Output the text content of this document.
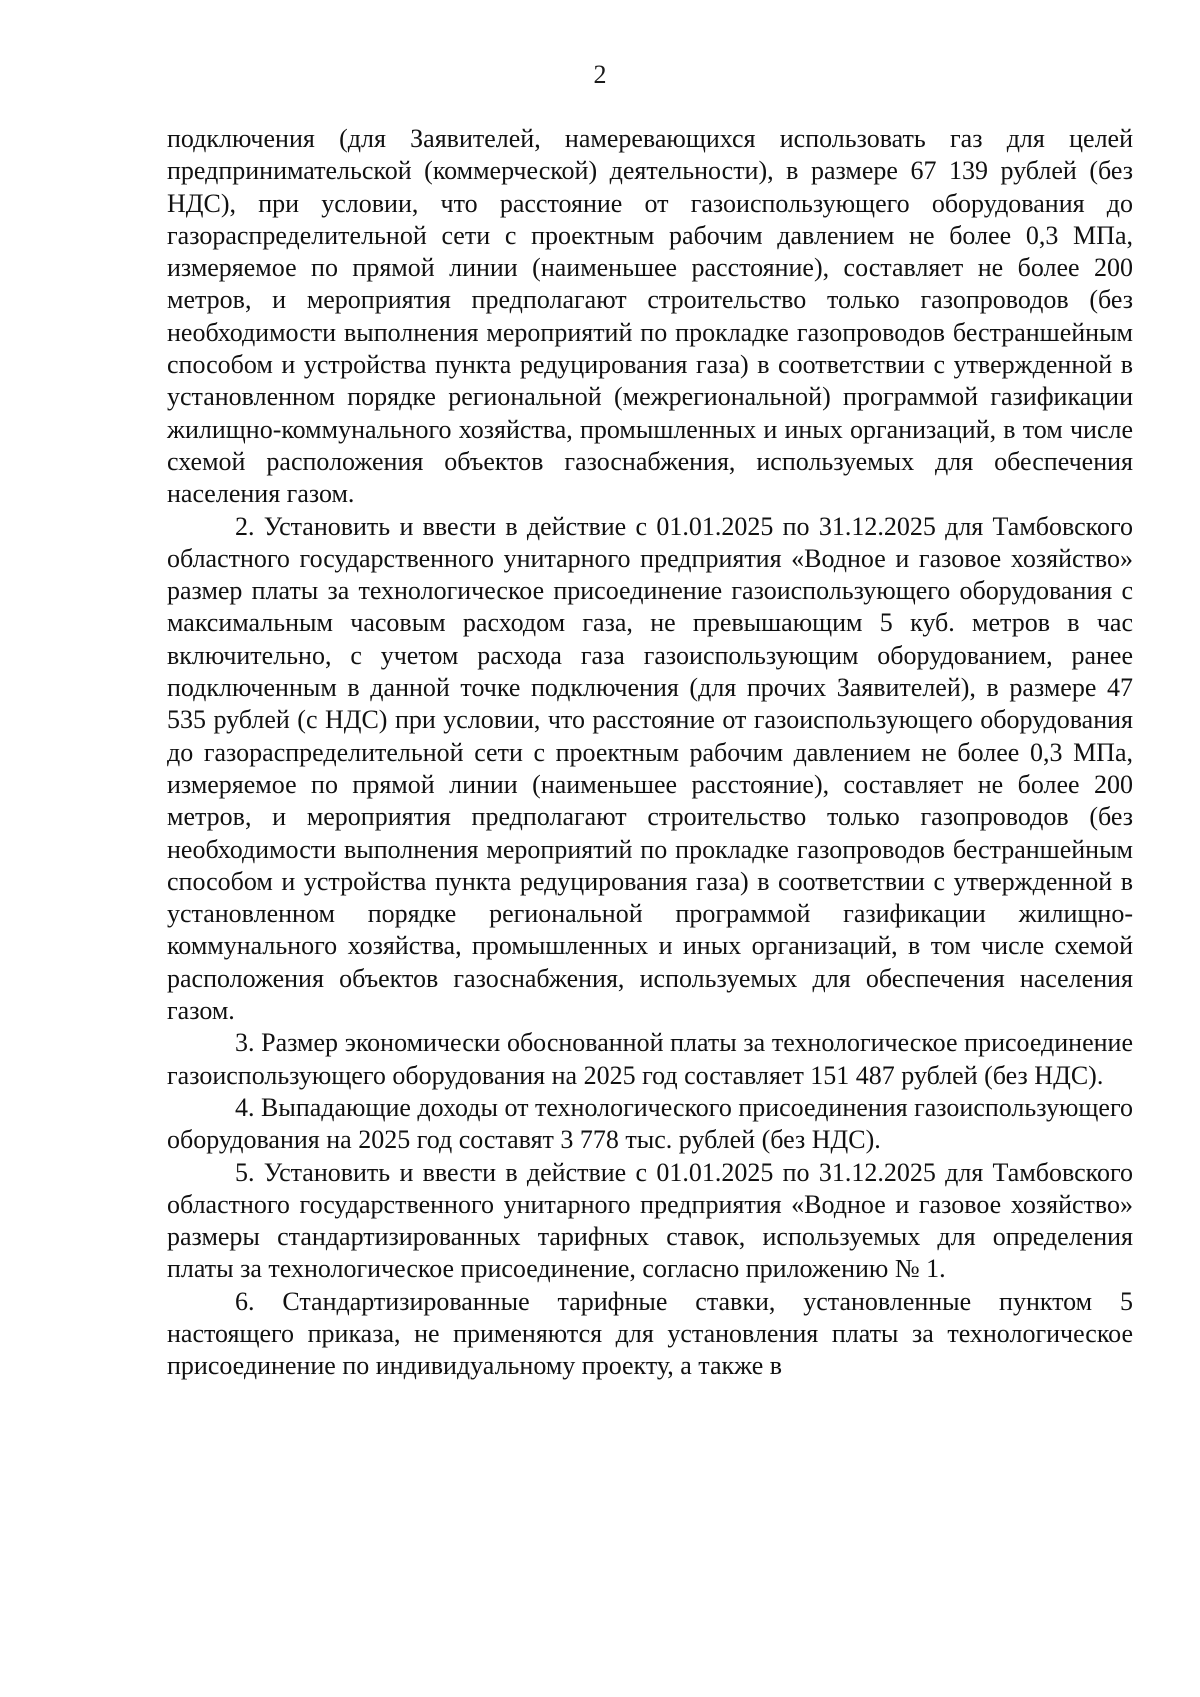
2

подключения (для Заявителей, намеревающихся использовать газ для целей предпринимательской (коммерческой) деятельности), в размере 67 139 рублей (без НДС), при условии, что расстояние от газоиспользующего оборудования до газораспределительной сети с проектным рабочим давлением не более 0,3 МПа, измеряемое по прямой линии (наименьшее расстояние), составляет не более 200 метров, и мероприятия предполагают строительство только газопроводов (без необходимости выполнения мероприятий по прокладке газопроводов бестраншейным способом и устройства пункта редуцирования газа) в соответствии с утвержденной в установленном порядке региональной (межрегиональной) программой газификации жилищно-коммунального хозяйства, промышленных и иных организаций, в том числе схемой расположения объектов газоснабжения, используемых для обеспечения населения газом.

2. Установить и ввести в действие с 01.01.2025 по 31.12.2025 для Тамбовского областного государственного унитарного предприятия «Водное и газовое хозяйство» размер платы за технологическое присоединение газоиспользующего оборудования с максимальным часовым расходом газа, не превышающим 5 куб. метров в час включительно, с учетом расхода газа газоиспользующим оборудованием, ранее подключенным в данной точке подключения (для прочих Заявителей), в размере 47 535 рублей (с НДС) при условии, что расстояние от газоиспользующего оборудования до газораспределительной сети с проектным рабочим давлением не более 0,3 МПа, измеряемое по прямой линии (наименьшее расстояние), составляет не более 200 метров, и мероприятия предполагают строительство только газопроводов (без необходимости выполнения мероприятий по прокладке газопроводов бестраншейным способом и устройства пункта редуцирования газа) в соответствии с утвержденной в установленном порядке региональной программой газификации жилищно-коммунального хозяйства, промышленных и иных организаций, в том числе схемой расположения объектов газоснабжения, используемых для обеспечения населения газом.

3. Размер экономически обоснованной платы за технологическое присоединение газоиспользующего оборудования на 2025 год составляет 151 487 рублей (без НДС).

4. Выпадающие доходы от технологического присоединения газоиспользующего оборудования на 2025 год составят 3 778 тыс. рублей (без НДС).

5. Установить и ввести в действие с 01.01.2025 по 31.12.2025 для Тамбовского областного государственного унитарного предприятия «Водное и газовое хозяйство» размеры стандартизированных тарифных ставок, используемых для определения платы за технологическое присоединение, согласно приложению № 1.

6. Стандартизированные тарифные ставки, установленные пунктом 5 настоящего приказа, не применяются для установления платы за технологическое присоединение по индивидуальному проекту, а также в
